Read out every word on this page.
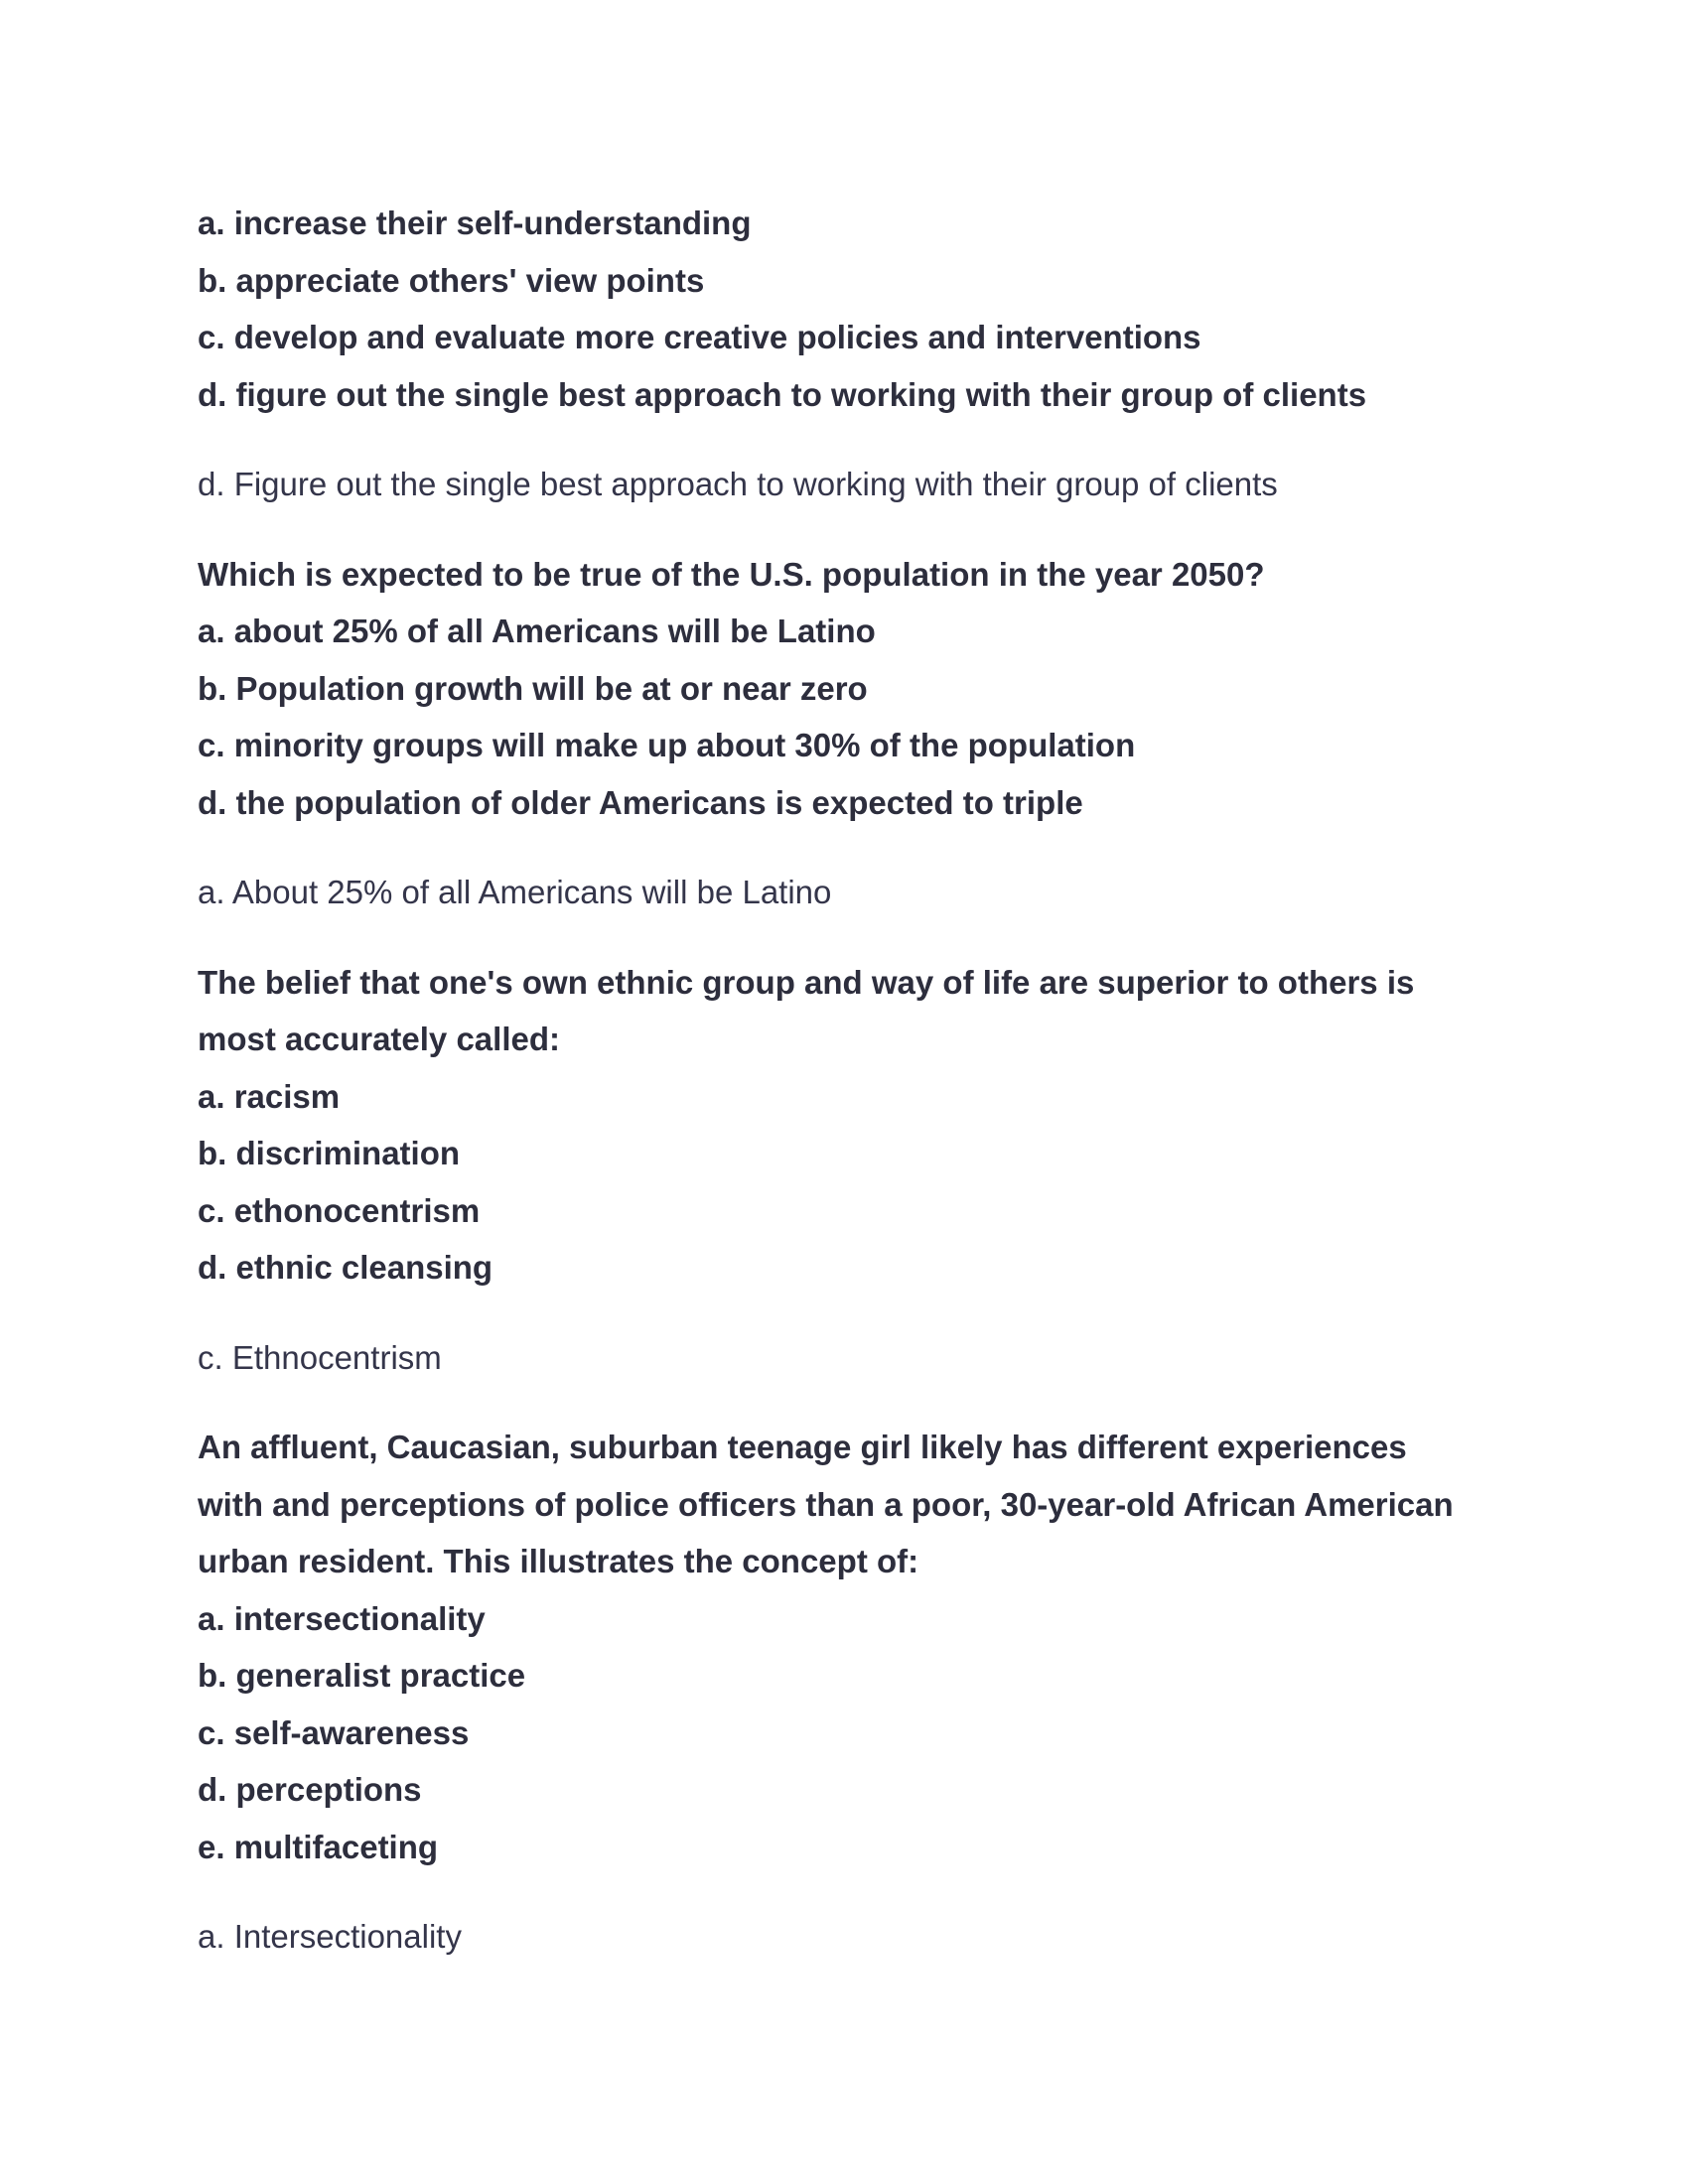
a. increase their self-understanding

b. appreciate others' view points

c. develop and evaluate more creative policies and interventions

d. figure out the single best approach to working with their group of clients

d. Figure out the single best approach to working with their group of clients

Which is expected to be true of the U.S. population in the year 2050?

a. about 25% of all Americans will be Latino

b. Population growth will be at or near zero

c. minority groups will make up about 30% of the population

d. the population of older Americans is expected to triple

a. About 25% of all Americans will be Latino

The belief that one's own ethnic group and way of life are superior to others is

most accurately called:

a. racism

b. discrimination

c. ethonocentrism

d. ethnic cleansing

c. Ethnocentrism

An affluent, Caucasian, suburban teenage girl likely has different experiences

with and perceptions of police officers than a poor, 30-year-old African American

urban resident. This illustrates the concept of:

a. intersectionality

b. generalist practice

c. self-awareness

d. perceptions

e. multifaceting

a. Intersectionality
